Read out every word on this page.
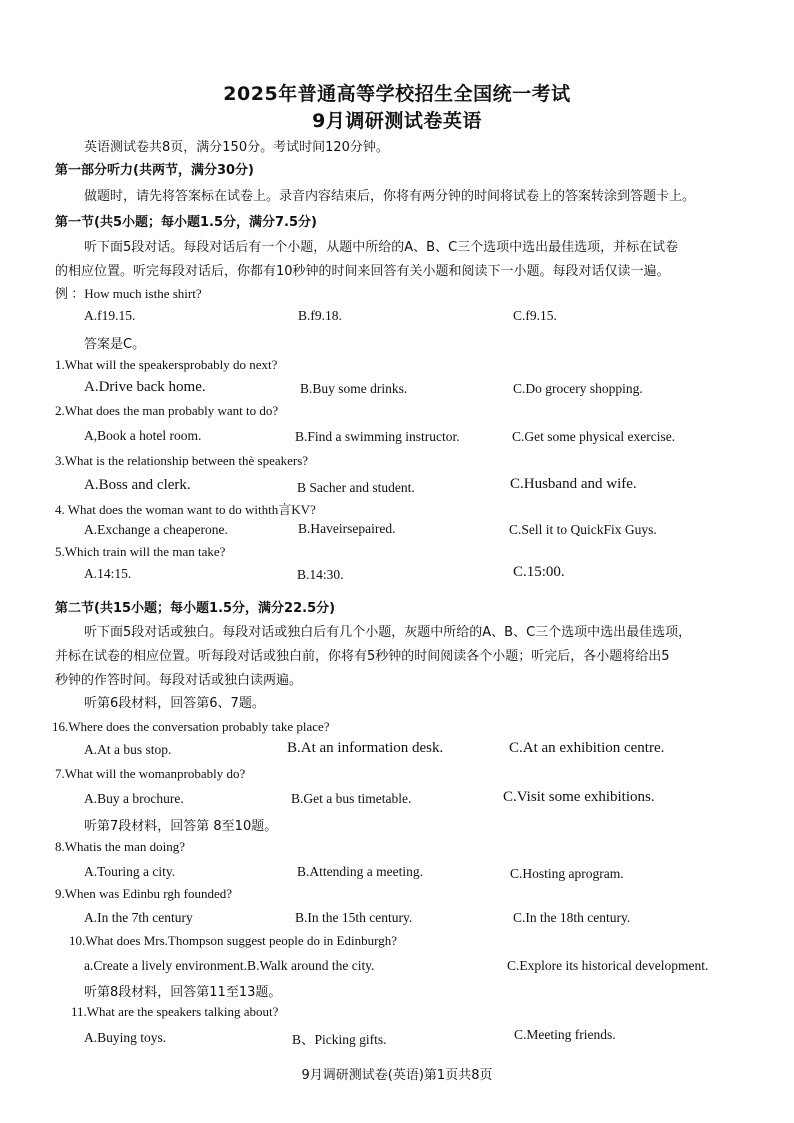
2025年普通高等学校招生全国统一考试
9月调研测试卷英语
英语测试卷共8页，满分150分。考试时间120分钟。
第一部分听力(共两节，满分30分)
做题时，请先将答案标在试卷上。录音内容结束后，你将有两分钟的时间将试卷上的答案转涂到答题卡上。
第一节(共5小题；每小题1.5分，满分7.5分)
听下面5段对话。每段对话后有一个小题，从题中所给的A、B、C三个选项中选出最佳选项，并标在试卷
的相应位置。听完每段对话后，你都有10秒钟的时间来回答有关小题和阅读下一小题。每段对话仅读一遍。
例 ：How much isthe shirt?
A.f19.15.	B.f9.18.	C.f9.15.
答案是C。
1.What will the speakersprobably do next?
A.Drive back home.	B.Buy some drinks.	C.Do grocery shopping.
2.What does the man probably want to do?
A,Book a hotel room.	B.Find a swimming instructor.	C.Get some physical exercise.
3.What is the relationship between thè speakers?
A.Boss and clerk.	B Sacher and student.	C.Husband and wife.
4. What does the woman want to do withth言KV?
A.Exchange a cheaperone.	B.Haveirsepaired.	C.Sell it to QuickFix Guys.
5.Which train will the man take?
A.14:15.	B.14:30.	C.15:00.
第二节(共15小题；每小题1.5分，满分22.5分)
听下面5段对话或独白。每段对话或独白后有几个小题，灰题中所给的A、B、C三个选项中选出最佳选项，
并标在试卷的相应位置。听每段对话或独白前，你将有5秒钟的时间阅读各个小题；听完后，各小题将给出5
秒钟的作答时间。每段对话或独白读两遍。
听第6段材料，回答第6、7题。
16.Where does the conversation probably take place?
A.At a bus stop.	B.At an information desk.	C.At an exhibition centre.
7.What will the womanprobably do?
A.Buy a brochure.	B.Get a bus timetable.	C.Visit some exhibitions.
听第7段材料，回答第 8至10题。
8.Whatis the man doing?
A.Touring a city.	B.Attending a meeting.	C.Hosting aprogram.
9.When was Edinbu rgh founded?
A.In the 7th century	B.In the 15th century.	C.In the 18th century.
10.What does Mrs.Thompson suggest people do in Edinburgh?
a.Create a lively environment.B.Walk around the city.	C.Explore its historical development.
听第8段材料，回答第11至13题。
11.What are the speakers talking about?
A.Buying toys.	B、Picking gifts.	C.Meeting friends.
9月调研测试卷(英语)第1页共8页
